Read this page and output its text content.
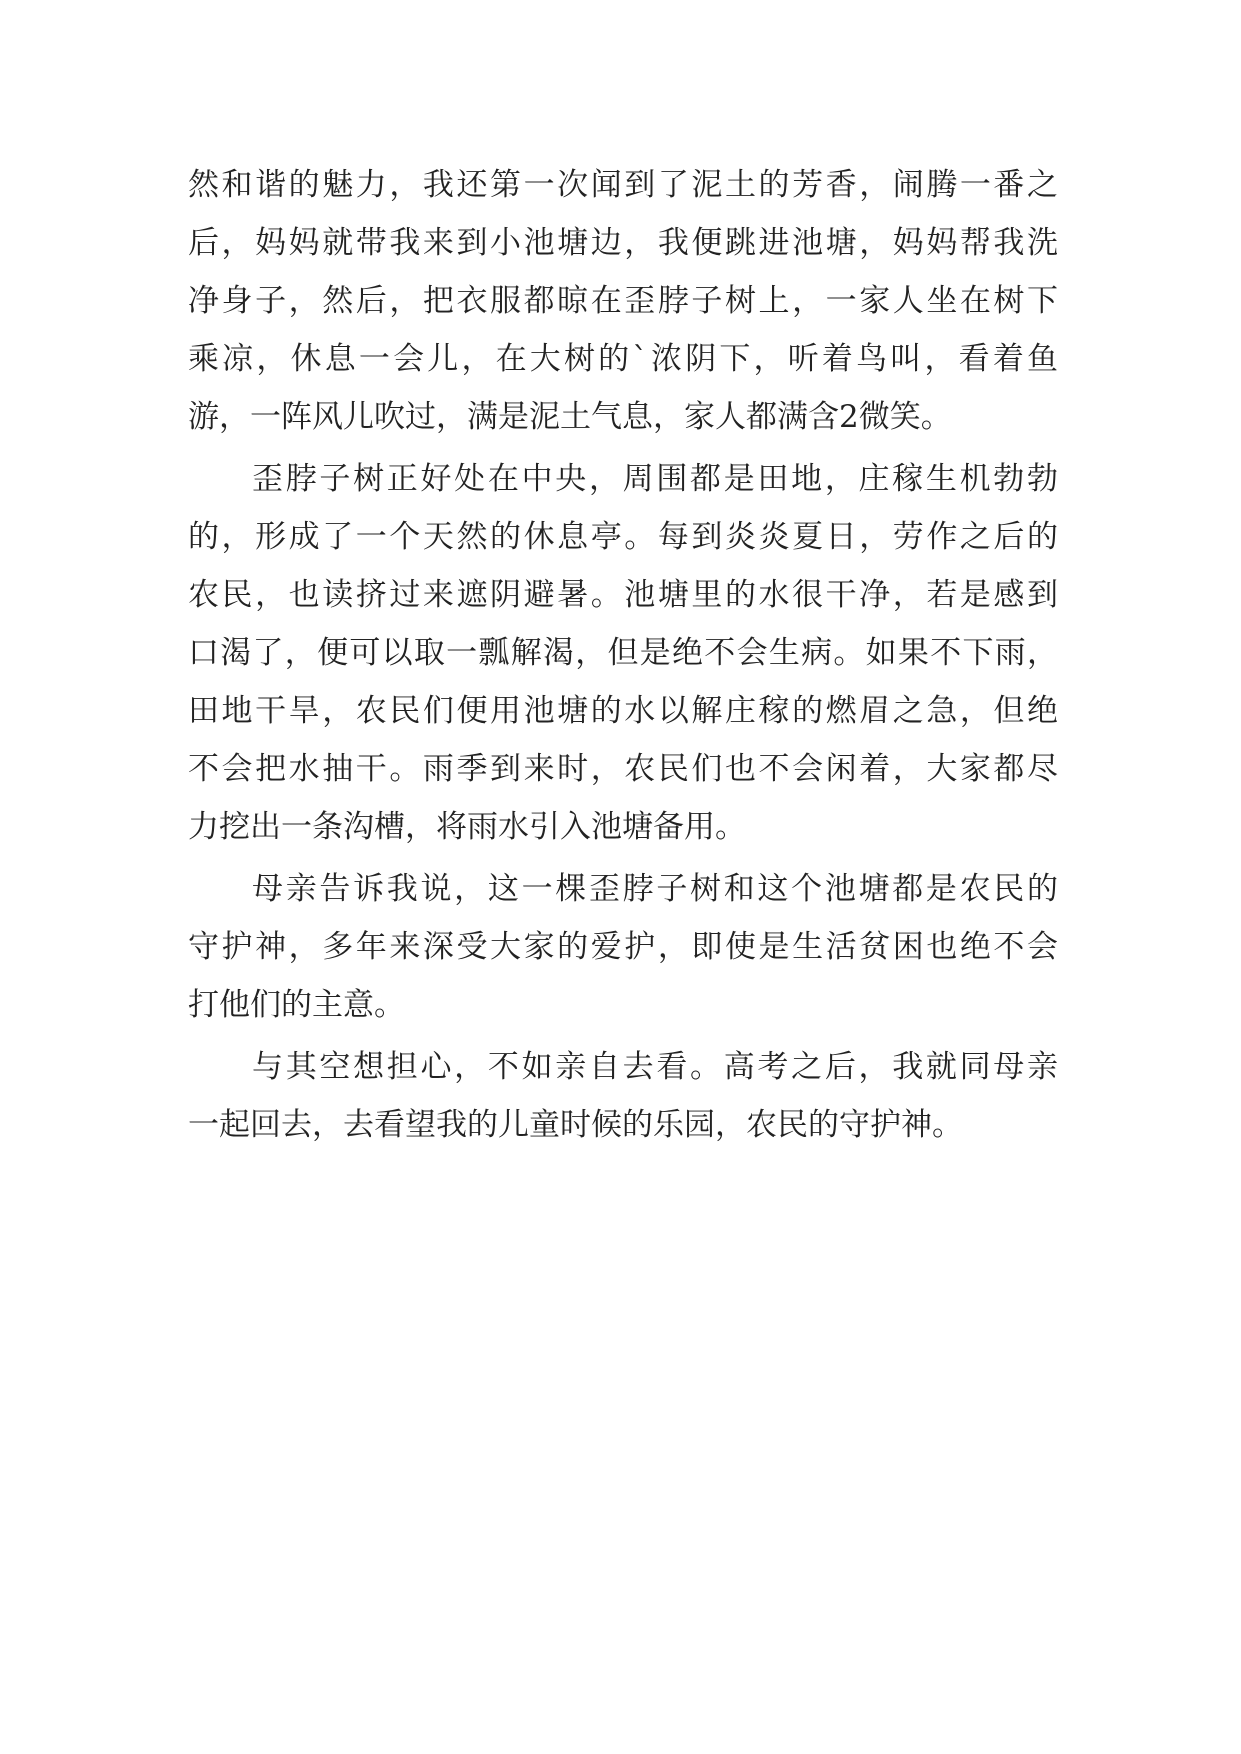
然和谐的魅力，我还第一次闻到了泥土的芳香，闹腾一番之
后，妈妈就带我来到小池塘边，我便跳进池塘，妈妈帮我洗
净身子，然后，把衣服都晾在歪脖子树上，一家人坐在树下
乘凉，休息一会儿，在大树的`浓阴下，听着鸟叫，看着鱼
游，一阵风儿吹过，满是泥土气息，家人都满含2微笑。
歪脖子树正好处在中央，周围都是田地，庄稼生机勃勃
的，形成了一个天然的休息亭。每到炎炎夏日，劳作之后的
农民，也读挤过来遮阴避暑。池塘里的水很干净，若是感到
口渴了，便可以取一瓢解渴，但是绝不会生病。如果不下雨，
田地干旱，农民们便用池塘的水以解庄稼的燃眉之急，但绝
不会把水抽干。雨季到来时，农民们也不会闲着，大家都尽
力挖出一条沟槽，将雨水引入池塘备用。
母亲告诉我说，这一棵歪脖子树和这个池塘都是农民的
守护神，多年来深受大家的爱护，即使是生活贫困也绝不会
打他们的主意。
与其空想担心，不如亲自去看。高考之后，我就同母亲
一起回去，去看望我的儿童时候的乐园，农民的守护神。
